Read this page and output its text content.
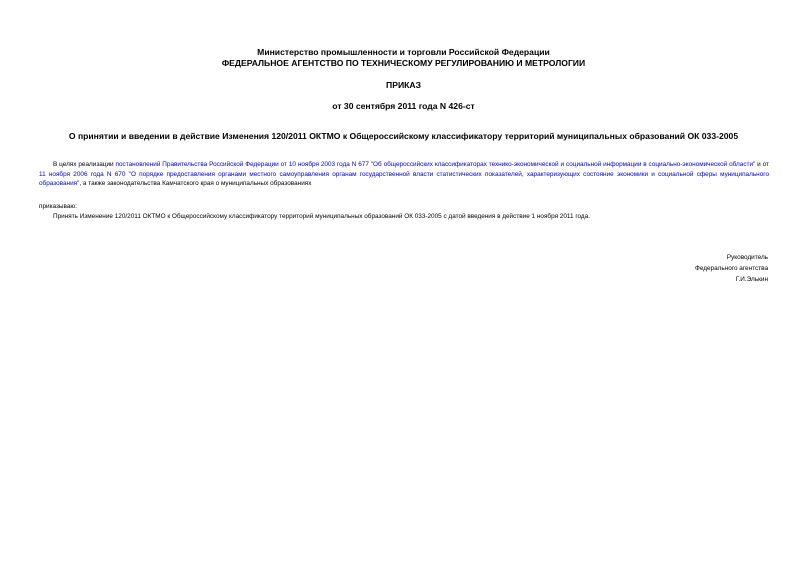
Министерство промышленности и торговли Российской Федерации
ФЕДЕРАЛЬНОЕ АГЕНТСТВО ПО ТЕХНИЧЕСКОМУ РЕГУЛИРОВАНИЮ И МЕТРОЛОГИИ
ПРИКАЗ
от 30 сентября 2011 года N 426-ст
О принятии и введении в действие Изменения 120/2011 ОКТМО к Общероссийскому классификатору территорий муниципальных образований ОК 033-2005
В целях реализации постановлений Правительства Российской Федерации от 10 ноября 2003 года N 677 "Об общероссийских классификаторах технико-экономической и социальной информации в социально-экономической области" и от 11 ноября 2006 года N 670 "О порядке предоставления органами местного самоуправления органам государственной власти статистических показателей, характеризующих состояние экономики и социальной сферы муниципального образования", а также законодательства Камчатского края о муниципальных образованиях
приказываю:
Принять Изменение 120/2011 ОКТМО к Общероссийскому классификатору территорий муниципальных образований ОК 033-2005 с датой введения в действие 1 ноября 2011 года.
Руководитель
Федерального агентства
Г.И.Элькин
